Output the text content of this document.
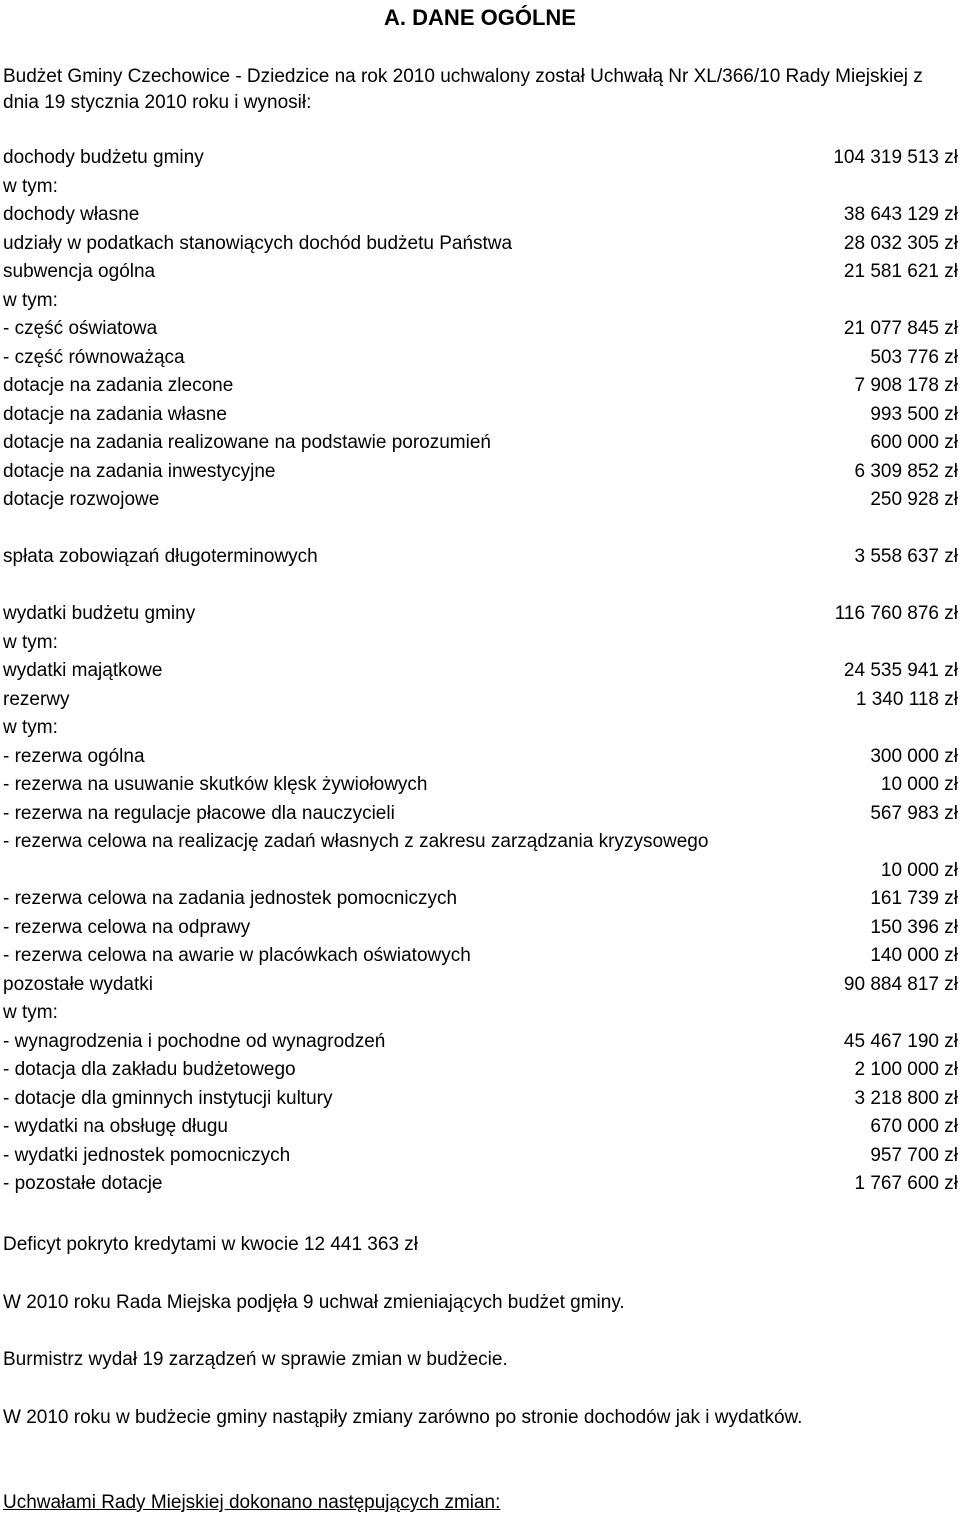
A. DANE OGÓLNE
Budżet Gminy Czechowice - Dziedzice na rok 2010 uchwalony został Uchwałą Nr XL/366/10 Rady Miejskiej z dnia 19 stycznia 2010 roku i wynosił:
dochody budżetu gminy	104 319 513 zł
w tym:
dochody własne	38 643 129 zł
udziały w podatkach stanowiących dochód budżetu Państwa	28 032 305 zł
subwencja ogólna	21 581 621 zł
w tym:
- część oświatowa	21 077 845 zł
- część równoważąca	503 776 zł
dotacje na zadania zlecone	7 908 178 zł
dotacje na zadania własne	993 500 zł
dotacje na zadania realizowane na podstawie porozumień	600 000 zł
dotacje na zadania inwestycyjne	6 309 852 zł
dotacje rozwojowe	250 928 zł
spłata zobowiązań długoterminowych	3 558 637 zł
wydatki budżetu gminy	116 760 876 zł
w tym:
wydatki majątkowe	24 535 941 zł
rezerwy	1 340 118 zł
w tym:
- rezerwa ogólna	300 000 zł
- rezerwa na usuwanie skutków klęsk żywiołowych	10 000 zł
- rezerwa na regulacje płacowe dla nauczycieli	567 983 zł
- rezerwa celowa na realizację zadań własnych z zakresu zarządzania kryzysowego
10 000 zł
- rezerwa celowa na zadania jednostek pomocniczych	161 739 zł
- rezerwa celowa na odprawy	150 396 zł
- rezerwa celowa na awarie w placówkach oświatowych	140 000 zł
pozostałe wydatki	90 884 817 zł
w tym:
- wynagrodzenia i pochodne od wynagrodzeń	45 467 190 zł
- dotacja dla zakładu budżetowego	2 100 000 zł
- dotacje dla gminnych instytucji kultury	3 218 800 zł
- wydatki na obsługę długu	670 000 zł
- wydatki jednostek pomocniczych	957 700 zł
- pozostałe dotacje	1 767 600 zł
Deficyt pokryto kredytami w kwocie 12 441 363 zł
W 2010 roku Rada Miejska podjęła 9 uchwał zmieniających budżet gminy.
Burmistrz wydał 19 zarządzeń w sprawie zmian w budżecie.
W 2010 roku w budżecie gminy nastąpiły zmiany zarówno po stronie dochodów jak i wydatków.
Uchwałami Rady Miejskiej dokonano następujących zmian:
